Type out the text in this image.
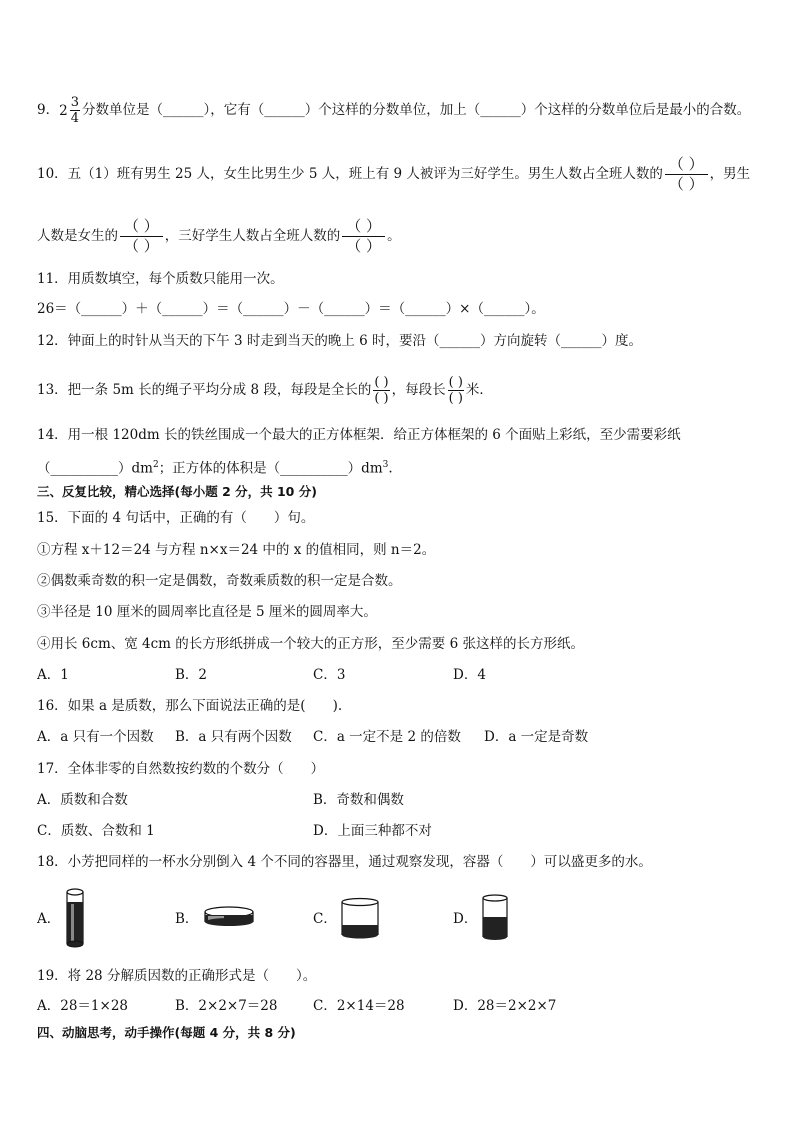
9． $2 \frac{3}{4}$ 分数单位是（______），它有（______）个这样的分数单位，加上（______）个这样的分数单位后是最小的合数。
10．五（1）班有男生 25 人，女生比男生少 5 人，班上有 9 人被评为三好学生。男生人数占全班人数的 $\frac{( )}{( )}$ ，男生
人数是女生的 $\frac{( )}{( )}$ ，三好学生人数占全班人数的 $\frac{( )}{( )}$ 。
11．用质数填空，每个质数只能用一次。
26＝（______）＋（______）＝（______）－（______）＝（______）×（______）。
12．钟面上的时针从当天的下午 3 时走到当天的晚上 6 时，要沿（______）方向旋转（______）度。
13．把一条 5m 长的绳子平均分成 8 段，每段是全长的 $\frac{( )}{( )}$ ，每段长 $\frac{( )}{( )}$ 米．
14．用一根 120dm 长的铁丝围成一个最大的正方体框架．给正方体框架的 6 个面贴上彩纸，至少需要彩纸
$(\_\_\_\_\_\_\_\_\_\_)dm^2$；正方体的体积是$(\_\_\_\_\_\_\_\_\_\_)dm^3$.
三、反复比较，精心选择(每小题 2 分，共 10 分)
15．下面的 4 句话中，正确的有（　　）句。
①方程 x＋12＝24 与方程 n×x＝24 中的 x 的值相同，则 n＝2。
②偶数乘奇数的积一定是偶数，奇数乘质数的积一定是合数。
③半径是 10 厘米的圆周率比直径是 5 厘米的圆周率大。
④用长 6cm、宽 4cm 的长方形纸拼成一个较大的正方形，至少需要 6 张这样的长方形纸。
A．1	B．2	C．3	D．4
16．如果 a 是质数，那么下面说法正确的是(　　).
A．a 只有一个因数 B．a 只有两个因数 C．a 一定不是 2 的倍数 D．a 一定是奇数
17．全体非零的自然数按约数的个数分（　　）
A．质数和合数	B．奇数和偶数
C．质数、合数和 1	D．上面三种都不对
18．小芳把同样的一杯水分别倒入 4 个不同的容器里，通过观察发现，容器（　　）可以盛更多的水。
A．	B．	C．	D．
19．将 28 分解质因数的正确形式是（　　）。
A．28＝1×28	B．2×2×7＝28	C．2×14＝28	D．28＝2×2×7
四、动脑思考，动手操作(每题 4 分，共 8 分)
